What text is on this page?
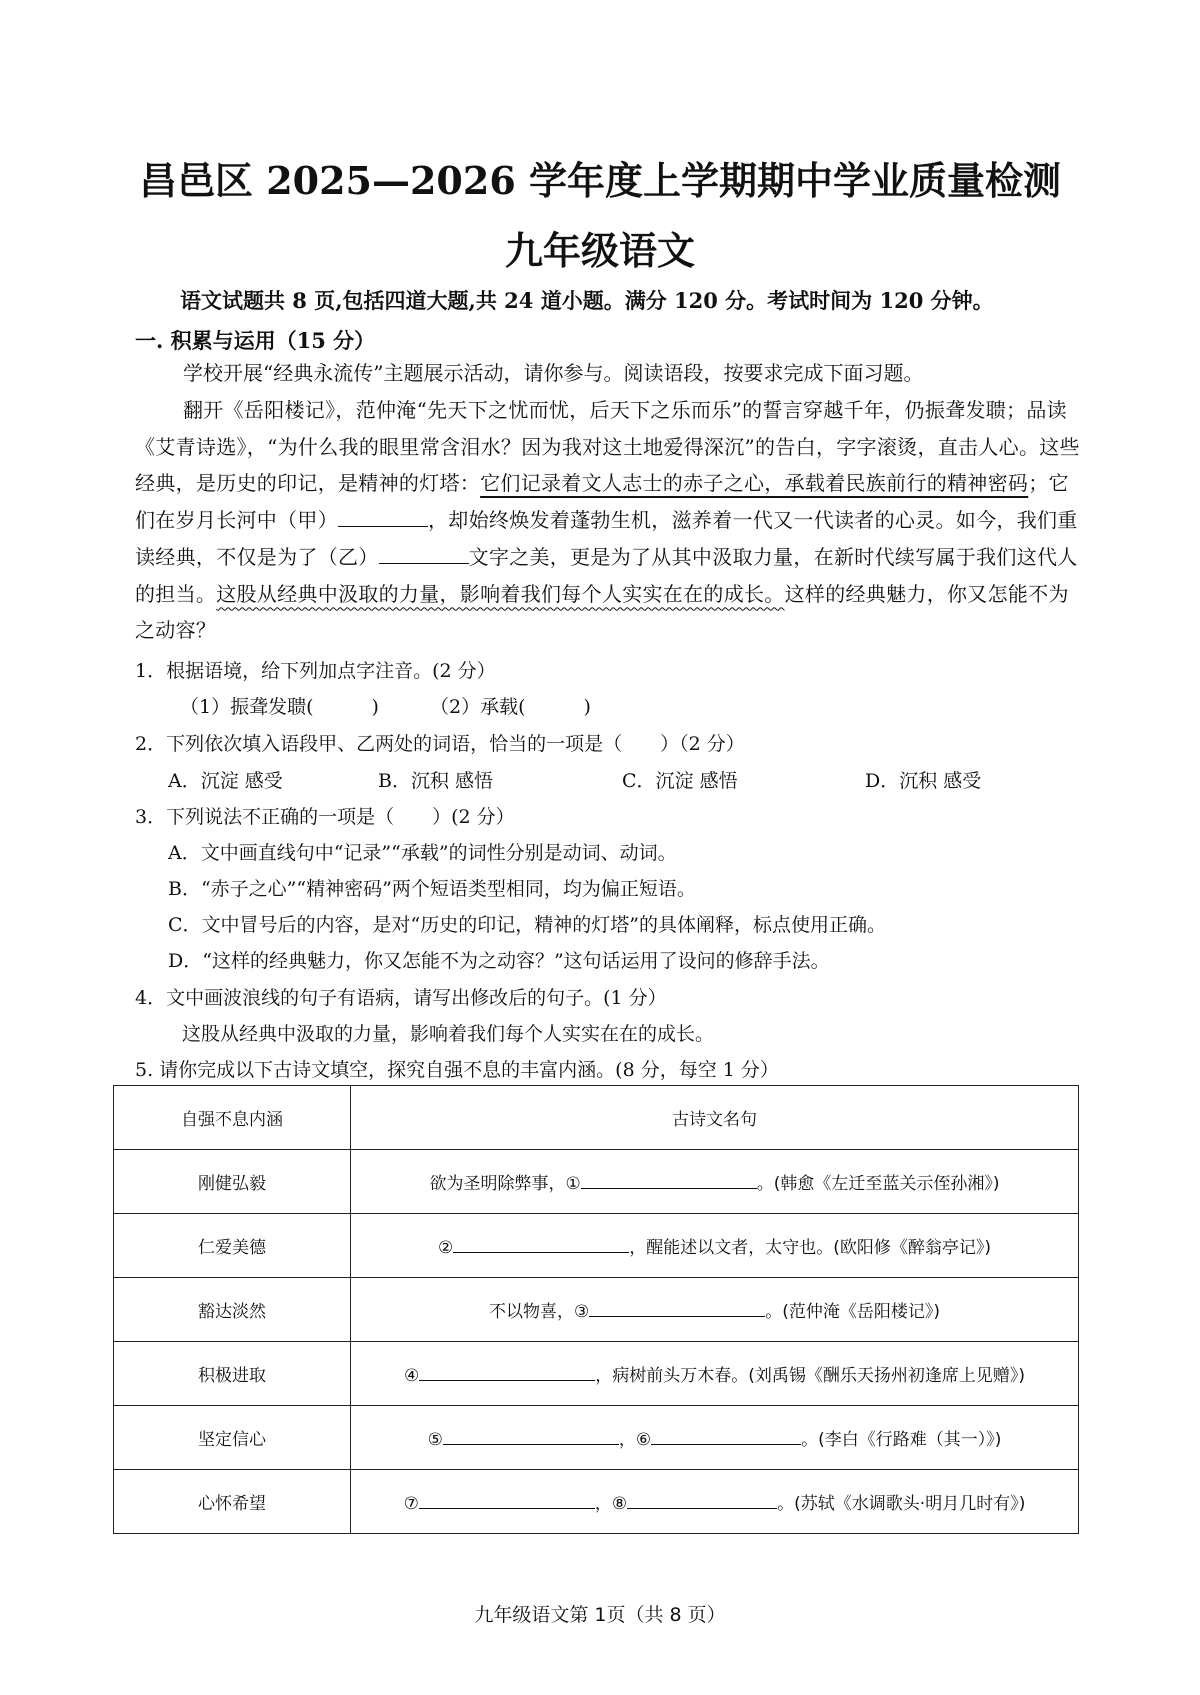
昌邑区 2025—2026 学年度上学期期中学业质量检测
九年级语文
语文试题共 8 页,包括四道大题,共 24 道小题。满分 120 分。考试时间为 120 分钟。
一. 积累与运用（15 分）
学校开展“经典永流传”主题展示活动，请你参与。阅读语段，按要求完成下面习题。
翻开《岳阳楼记》，范仲淹“先天下之忧而忧，后天下之乐而乐”的誓言穿越千年，仍振聋发聩；品读《艾青诗选》，“为什么我的眼里常含泪水？因为我对这土地爱得深沉”的告白，字字滚烫，直击人心。这些经典，是历史的印记，是精神的灯塔：它们记录着文人志士的赤子之心，承载着民族前行的精神密码；它们在岁月长河中（甲）	，却始终焕发着蓬勃生机，滋养着一代又一代读者的心灵。如今，我们重读经典，不仅是为了（乙）	文字之美，更是为了从其中汲取力量，在新时代续写属于我们这代人的担当。这股从经典中汲取的力量，影响着我们每个人实实在在的成长。这样的经典魅力，你又怎能不为之动容？
1．根据语境，给下列加点字注音。(2 分）
（1）振聋发聩(	)	（2）承载(	)
2．下列依次填入语段甲、乙两处的词语，恰当的一项是（　　）（2 分）
A．沉淀 感受	B．沉积 感悟	C．沉淀 感悟	D．沉积 感受
3．下列说法不正确的一项是（　　）(2 分）
A．文中画直线句中“记录”“承载”的词性分别是动词、动词。
B．“赤子之心”“精神密码”两个短语类型相同，均为偏正短语。
C．文中冒号后的内容，是对“历史的印记，精神的灯塔”的具体阐释，标点使用正确。
D．“这样的经典魅力，你又怎能不为之动容？”这句话运用了设问的修辞手法。
4．文中画波浪线的句子有语病，请写出修改后的句子。(1 分）
这股从经典中汲取的力量，影响着我们每个人实实在在的成长。
5. 请你完成以下古诗文填空，探究自强不息的丰富内涵。(8 分，每空 1 分）
自强不息内涵	古诗文名句
刚健弘毅	欲为圣明除弊事，① 。(韩愈《左迁至蓝关示侄孙湘》)
仁爱美德	② ，醒能述以文者，太守也。(欧阳修《醉翁亭记》)
豁达淡然	不以物喜，③ 。(范仲淹《岳阳楼记》)
积极进取	④ ，病树前头万木春。(刘禹锡《酬乐天扬州初逢席上见赠》)
坚定信心	⑤ ，⑥ 。(李白《行路难（其一）》)
心怀希望	⑦ ，⑧ 。(苏轼《水调歌头·明月几时有》)
九年级语文第 1页（共 8 页）
